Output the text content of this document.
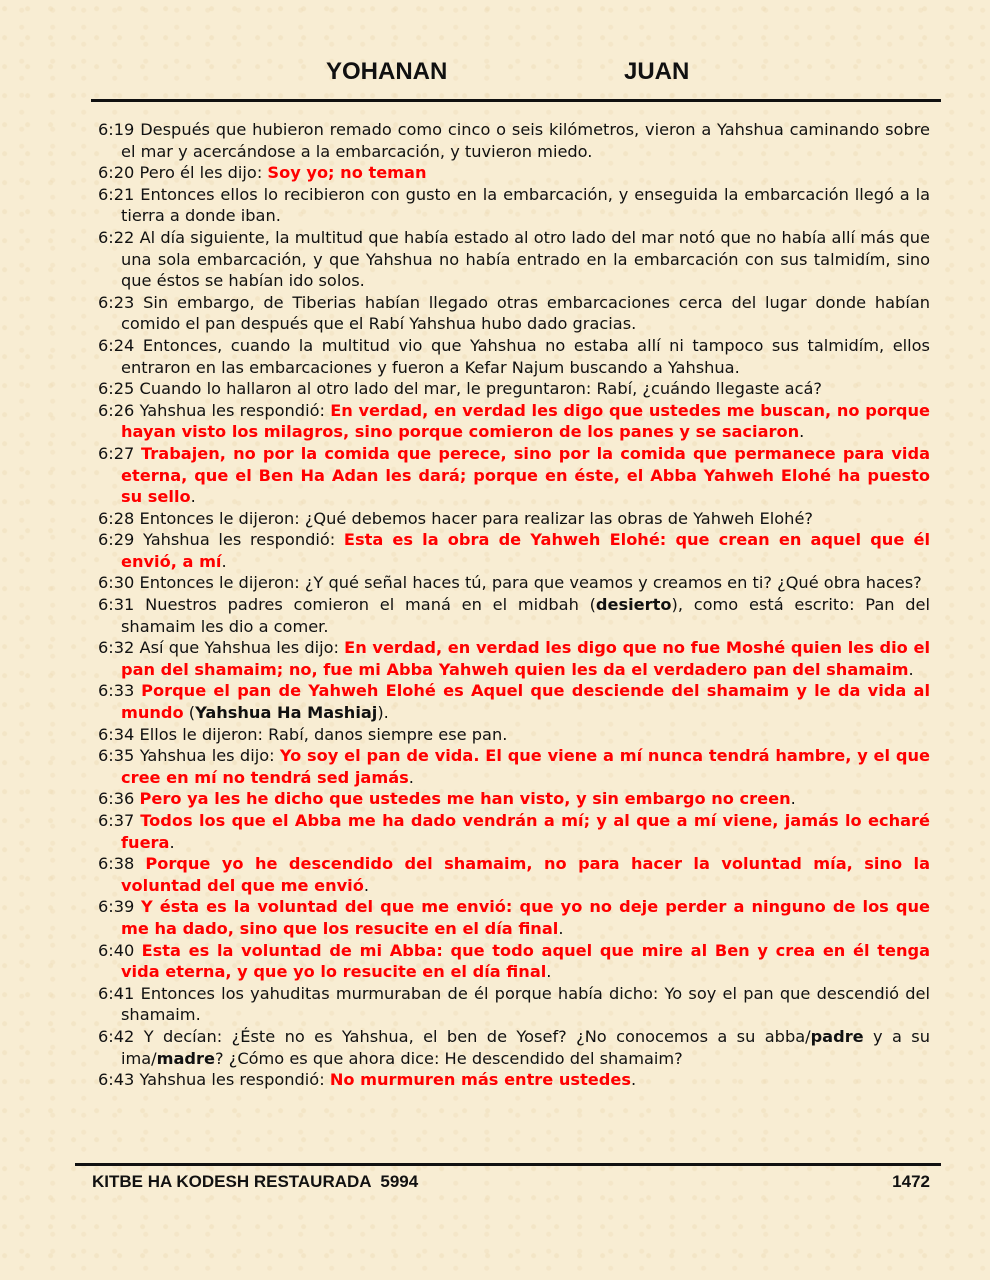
YOHANAN	JUAN

6:19 Después que hubieron remado como cinco o seis kilómetros, vieron a Yahshua caminando sobre el mar y acercándose a la embarcación, y tuvieron miedo.

6:20 Pero él les dijo: Soy yo; no teman

6:21 Entonces ellos lo recibieron con gusto en la embarcación, y enseguida la embarcación llegó a la tierra a donde iban.

6:22 Al día siguiente, la multitud que había estado al otro lado del mar notó que no había allí más que una sola embarcación, y que Yahshua no había entrado en la embarcación con sus talmidím, sino que éstos se habían ido solos.

6:23 Sin embargo, de Tiberias habían llegado otras embarcaciones cerca del lugar donde habían comido el pan después que el Rabí Yahshua hubo dado gracias.

6:24 Entonces, cuando la multitud vio que Yahshua no estaba allí ni tampoco sus talmidím, ellos entraron en las embarcaciones y fueron a Kefar Najum buscando a Yahshua.

6:25 Cuando lo hallaron al otro lado del mar, le preguntaron: Rabí, ¿cuándo llegaste acá?

6:26 Yahshua les respondió: En verdad, en verdad les digo que ustedes me buscan, no porque hayan visto los milagros, sino porque comieron de los panes y se saciaron.

6:27 Trabajen, no por la comida que perece, sino por la comida que permanece para vida eterna, que el Ben Ha Adan les dará; porque en éste, el Abba Yahweh Elohé ha puesto su sello.

6:28 Entonces le dijeron: ¿Qué debemos hacer para realizar las obras de Yahweh Elohé?

6:29 Yahshua les respondió: Esta es la obra de Yahweh Elohé: que crean en aquel que él envió, a mí.

6:30 Entonces le dijeron: ¿Y qué señal haces tú, para que veamos y creamos en ti? ¿Qué obra haces?

6:31 Nuestros padres comieron el maná en el midbah (desierto), como está escrito: Pan del shamaim les dio a comer.

6:32 Así que Yahshua les dijo: En verdad, en verdad les digo que no fue Moshé quien les dio el pan del shamaim; no, fue mi Abba Yahweh quien les da el verdadero pan del shamaim.

6:33 Porque el pan de Yahweh Elohé es Aquel que desciende del shamaim y le da vida al mundo (Yahshua Ha Mashiaj).

6:34 Ellos le dijeron: Rabí, danos siempre ese pan.

6:35 Yahshua les dijo: Yo soy el pan de vida. El que viene a mí nunca tendrá hambre, y el que cree en mí no tendrá sed jamás.

6:36 Pero ya les he dicho que ustedes me han visto, y sin embargo no creen.

6:37 Todos los que el Abba me ha dado vendrán a mí; y al que a mí viene, jamás lo echaré fuera.

6:38 Porque yo he descendido del shamaim, no para hacer la voluntad mía, sino la voluntad del que me envió.

6:39 Y ésta es la voluntad del que me envió: que yo no deje perder a ninguno de los que me ha dado, sino que los resucite en el día final.

6:40 Esta es la voluntad de mi Abba: que todo aquel que mire al Ben y crea en él tenga vida eterna, y que yo lo resucite en el día final.

6:41 Entonces los yahuditas murmuraban de él porque había dicho: Yo soy el pan que descendió del shamaim.

6:42 Y decían: ¿Éste no es Yahshua, el ben de Yosef? ¿No conocemos a su abba/padre y a su ima/madre? ¿Cómo es que ahora dice: He descendido del shamaim?

6:43 Yahshua les respondió: No murmuren más entre ustedes.

KITBE HA KODESH RESTAURADA  5994	1472
